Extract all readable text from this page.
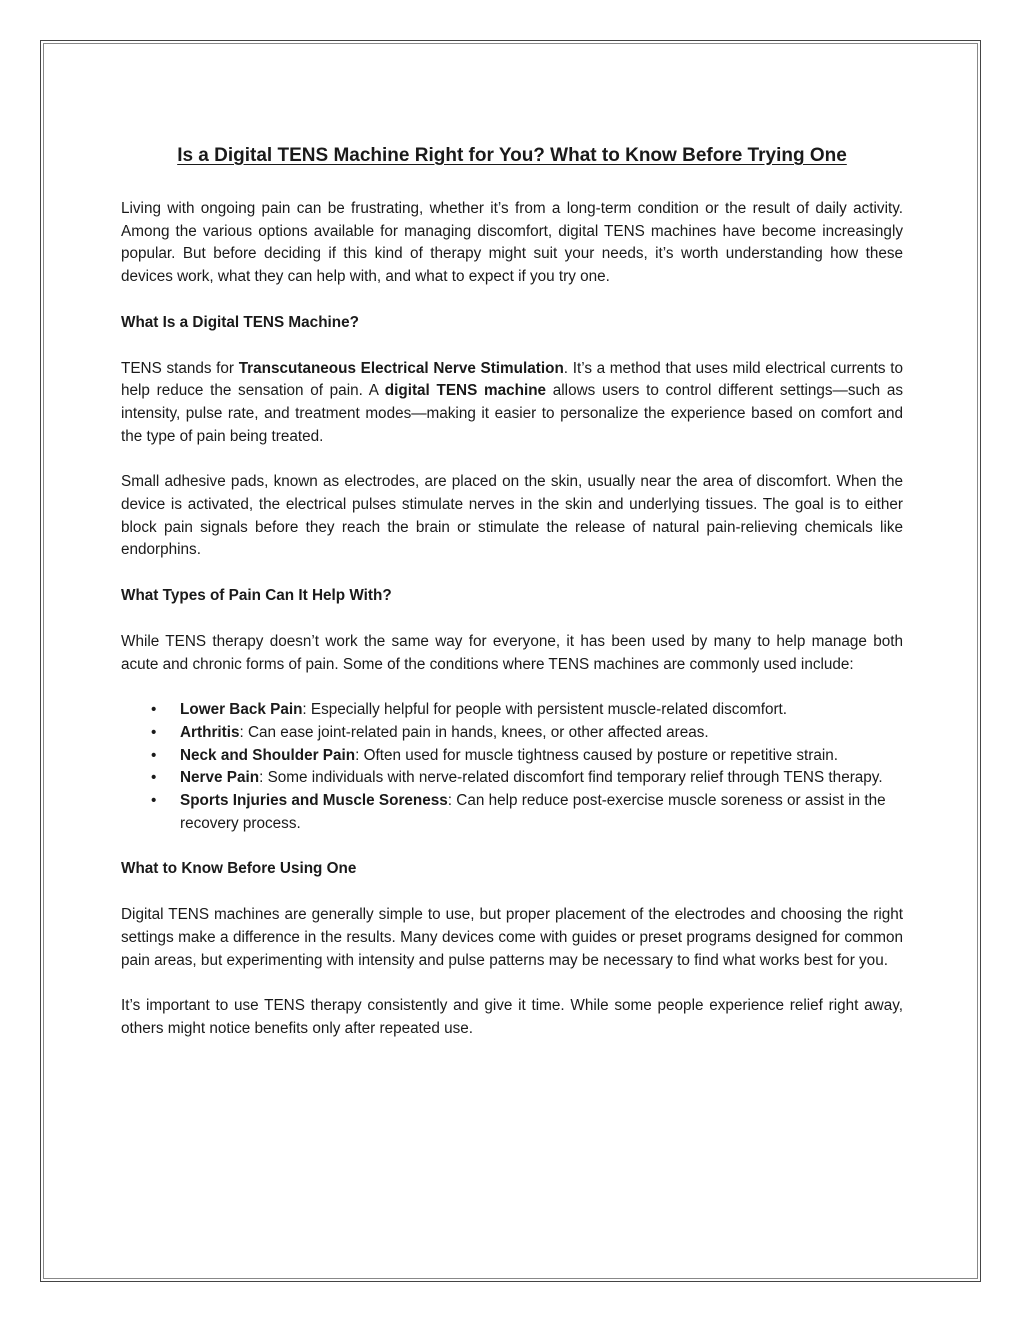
Is a Digital TENS Machine Right for You? What to Know Before Trying One

Living with ongoing pain can be frustrating, whether it’s from a long-term condition or the result of daily activity. Among the various options available for managing discomfort, digital TENS machines have become increasingly popular. But before deciding if this kind of therapy might suit your needs, it’s worth understanding how these devices work, what they can help with, and what to expect if you try one.

What Is a Digital TENS Machine?

TENS stands for Transcutaneous Electrical Nerve Stimulation. It’s a method that uses mild electrical currents to help reduce the sensation of pain. A digital TENS machine allows users to control different settings—such as intensity, pulse rate, and treatment modes—making it easier to personalize the experience based on comfort and the type of pain being treated.

Small adhesive pads, known as electrodes, are placed on the skin, usually near the area of discomfort. When the device is activated, the electrical pulses stimulate nerves in the skin and underlying tissues. The goal is to either block pain signals before they reach the brain or stimulate the release of natural pain-relieving chemicals like endorphins.

What Types of Pain Can It Help With?

While TENS therapy doesn’t work the same way for everyone, it has been used by many to help manage both acute and chronic forms of pain. Some of the conditions where TENS machines are commonly used include:

• Lower Back Pain: Especially helpful for people with persistent muscle-related discomfort.
• Arthritis: Can ease joint-related pain in hands, knees, or other affected areas.
• Neck and Shoulder Pain: Often used for muscle tightness caused by posture or repetitive strain.
• Nerve Pain: Some individuals with nerve-related discomfort find temporary relief through TENS therapy.
• Sports Injuries and Muscle Soreness: Can help reduce post-exercise muscle soreness or assist in the recovery process.
What to Know Before Using One

Digital TENS machines are generally simple to use, but proper placement of the electrodes and choosing the right settings make a difference in the results. Many devices come with guides or preset programs designed for common pain areas, but experimenting with intensity and pulse patterns may be necessary to find what works best for you.

It’s important to use TENS therapy consistently and give it time. While some people experience relief right away, others might notice benefits only after repeated use.
